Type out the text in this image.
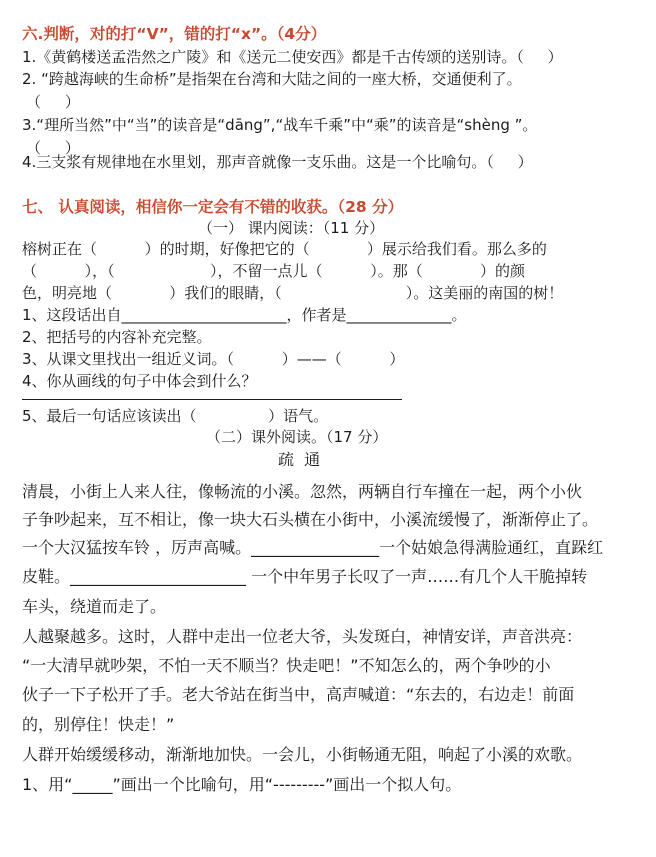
六.判断，对的打“V”，错的打“x”。（4分）
1.《黄鹤楼送孟浩然之广陵》和《送元二使安西》都是千古传颂的送别诗。（     ）
2. “跨越海峡的生命桥”是指架在台湾和大陆之间的一座大桥，交通便利了。
（     ）
3.“理所当然”中“当”的读音是“dāng”,“战车千乘”中“乘”的读音是“shèng ”。
（     ）
4.三支浆有规律地在水里划，那声音就像一支乐曲。这是一个比喻句。（     ）
七、 认真阅读，相信你一定会有不错的收获。（28 分）
（一） 课内阅读：（11 分）
榕树正在（          ）的时期，好像把它的（            ）展示给我们看。那么多的
（          ），（                    ），不留一点儿（          ）。那（            ）的颜
色，明亮地（            ）我们的眼睛，（                          ）。这美丽的南国的树！
1、这段话出自______________________，作者是______________。
2、把括号的内容补充完整。
3、从课文里找出一组近义词。（          ）——（          ）
4、你从画线的句子中体会到什么？
5、最后一句话应该读出（               ）语气。
（二）课外阅读。（17 分）
疏  通
清晨，小街上人来人往，像畅流的小溪。忽然，两辆自行车撞在一起，两个小伙
子争吵起来，互不相让，像一块大石头横在小街中，小溪流缓慢了，渐渐停止了。
一个大汉猛按车铃 ，厉声高喊。________________一个姑娘急得满脸通红，直跺红
皮鞋。______________________ 一个中年男子长叹了一声……有几个人干脆掉转
车头，绕道而走了。
人越聚越多。这时，人群中走出一位老大爷，头发斑白，神情安详，声音洪亮：
“一大清早就吵架，不怕一天不顺当？快走吧！”不知怎么的，两个争吵的小
伙子一下子松开了手。老大爷站在街当中，高声喊道：“东去的，右边走！前面
的，别停住！快走！”
人群开始缓缓移动，渐渐地加快。一会儿，小街畅通无阻，响起了小溪的欢歌。
1、用“_____”画出一个比喻句，用“---------”画出一个拟人句。
